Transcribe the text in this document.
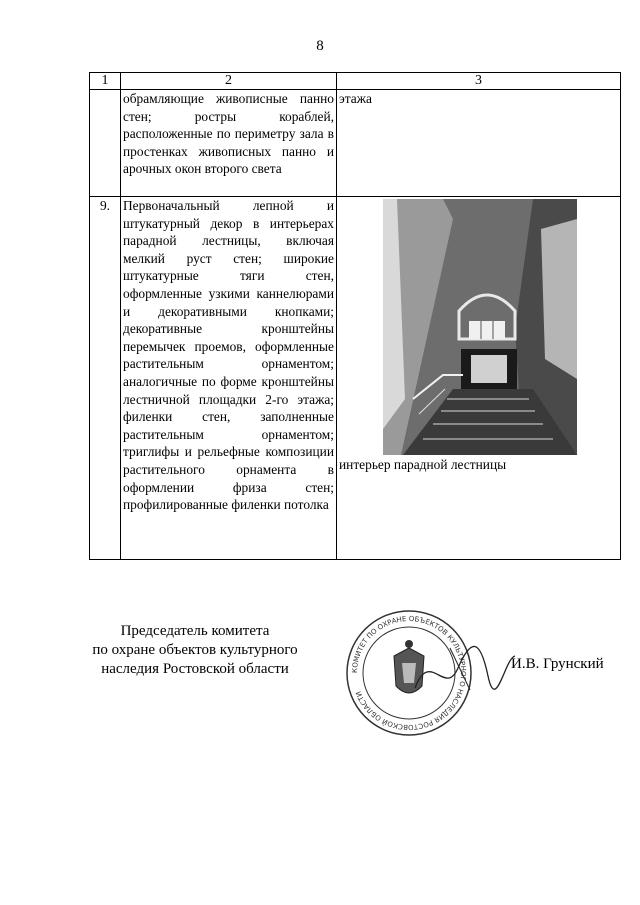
8
1	2	3
	обрамляющие живописные панно стен; ростры кораблей, расположенные по периметру зала в простенках живописных панно и арочных окон второго света	этажа
9.	Первоначальный лепной и штукатурный декор в интерьерах парадной лестницы, включая мелкий руст стен; широкие штукатурные тяги стен, оформленные узкими каннелюрами и декоративными кнопками; декоративные кронштейны перемычек проемов, оформленные растительным орнаментом; аналогичные по форме кронштейны лестничной площадки 2-го этажа; филенки стен, заполненные растительным орнаментом; триглифы и рельефные композиции растительного орнамента в оформлении фриза стен; профилированные филенки потолка	интерьер парадной лестницы
Председатель комитета
по охране объектов культурного
наследия Ростовской области	КОМИТЕТ ПО ОХРАНЕ ОБЪЕКТОВ КУЛЬТУРНОГО НАСЛЕДИЯ РОСТОВСКОЙ ОБЛАСТИ
И.В. Грунский
